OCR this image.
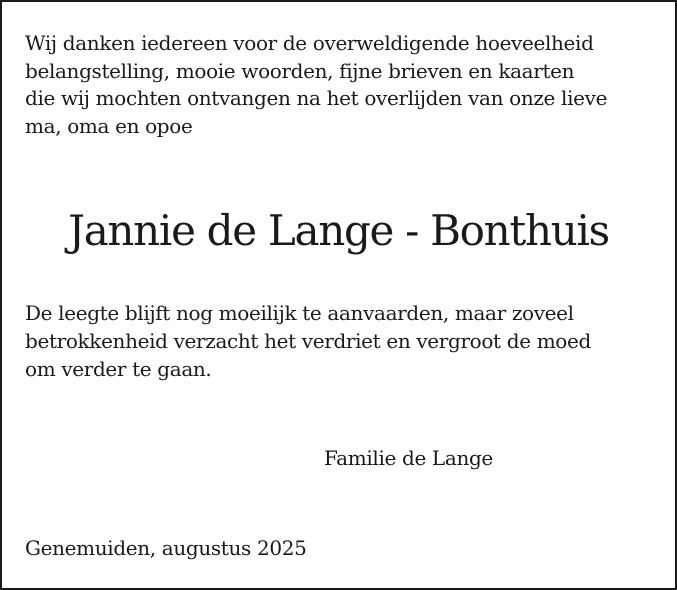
Wij danken iedereen voor de overweldigende hoeveelheid
belangstelling, mooie woorden, fijne brieven en kaarten
die wij mochten ontvangen na het overlijden van onze lieve
ma, oma en opoe

Jannie de Lange - Bonthuis

De leegte blijft nog moeilijk te aanvaarden, maar zoveel
betrokkenheid verzacht het verdriet en vergroot de moed
om verder te gaan.

Familie de Lange

Genemuiden, augustus 2025
